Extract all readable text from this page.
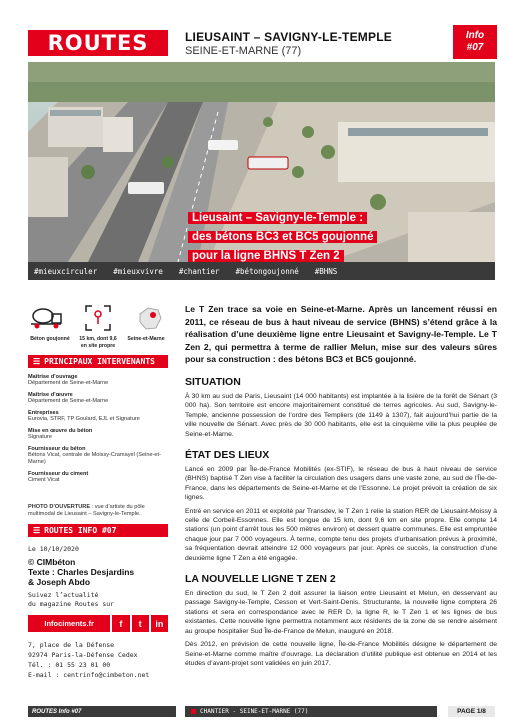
ROUTES	LIEUSAINT – SAVIGNY-LE-TEMPLE
SEINE-ET-MARNE (77)
Info
#07
Lieusaint – Savigny-le-Temple :
des bétons BC3 et BC5 goujonné
pour la ligne BHNS T Zen 2
#mieuxcirculer #mieuxvivre #chantier #bétongoujonné #BHNS
Béton goujonné	15 km, dont 9,6 en site propre
Seine-et-Marne
☰ PRINCIPAUX INTERVENANTS
Maîtrise d’ouvrage
Département de Seine-et-Marne
Maîtrise d’œuvre
Département de Seine-et-Marne
Entreprises
Eurovia, STRF, TP Goulard, EJL et Signature
Mise en œuvre du béton
Signature
Fournisseur du béton
Bétons Vicat, centrale de Moissy-Cramayel (Seine-et-Marne)
Fournisseur du ciment
Ciment Vicat
PHOTO D’OUVERTURE : vue d’artiste du pôle multimodal de Lieusaint – Savigny-le-Temple.
☰ ROUTES INFO #07
Le 10/10/2020
© CIMbéton
Texte : Charles Desjardins
& Joseph Abdo
Suivez l’actualité
du magazine Routes sur
Infociments.fr	f	t	in
7, place de la Défense
92974 Paris-la-Défense Cedex
Tél. : 01 55 23 01 00
E-mail : centrinfo@cimbeton.net

Le T Zen trace sa voie en Seine-et-Marne. Après un lancement réussi en 2011, ce réseau de bus à haut niveau de service (BHNS) s’étend grâce à la réalisation d’une deuxième ligne entre Lieusaint et Savigny-le-Temple. Le T Zen 2, qui permettra à terme de rallier Melun, mise sur des valeurs sûres pour sa construction : des bétons BC3 et BC5 goujonné.

SITUATION

À 30 km au sud de Paris, Lieusaint (14 000 habitants) est implantée à la lisière de la forêt de Sénart (3 000 ha). Son territoire est encore majoritairement constitué de terres agricoles. Au sud, Savigny-le-Temple, ancienne possession de l’ordre des Templiers (de 1149 à 1307), fait aujourd’hui partie de la ville nouvelle de Sénart. Avec près de 30 000 habitants, elle est la cinquième ville la plus peuplée de Seine-et-Marne.

ÉTAT DES LIEUX

Lancé en 2009 par Île-de-France Mobilités (ex-STIF), le réseau de bus à haut niveau de service (BHNS) baptisé T Zen vise à faciliter la circulation des usagers dans une vaste zone, au sud de l’Île-de-France, dans les départements de Seine-et-Marne et de l’Essonne. Le projet prévoit la création de six lignes.

Entré en service en 2011 et exploité par Transdev, le T Zen 1 relie la station RER de Lieusaint-Moissy à celle de Corbeil-Essonnes. Elle est longue de 15 km, dont 9,6 km en site propre. Elle compte 14 stations (un point d’arrêt tous les 500 mètres environ) et dessert quatre communes. Elle est empruntée chaque jour par 7 000 voyageurs. À terme, compte tenu des projets d’urbanisation prévus à proximité, sa fréquentation devrait atteindre 12 000 voyageurs par jour. Après ce succès, la construction d’une deuxième ligne T Zen a été engagée.

LA NOUVELLE LIGNE T ZEN 2

En direction du sud, le T Zen 2 doit assurer la liaison entre Lieusaint et Melun, en desservant au passage Savigny-le-Temple, Cesson et Vert-Saint-Denis. Structurante, la nouvelle ligne comptera 26 stations et sera en correspondance avec le RER D, la ligne R, le T Zen 1 et les lignes de bus existantes. Cette nouvelle ligne permettra notamment aux résidents de la zone de se rendre aisément au groupe hospitalier Sud Île-de-France de Melun, inauguré en 2018.

Dès 2012, en prévision de cette nouvelle ligne, Île-de-France Mobilités désigne le département de Seine-et-Marne comme maître d’ouvrage. La déclaration d’utilité publique est obtenue en 2014 et les études d’avant-projet sont validées en juin 2017.

ROUTES Info #07	CHANTIER - SEINE-ET-MARNE (77)	PAGE 1/8
